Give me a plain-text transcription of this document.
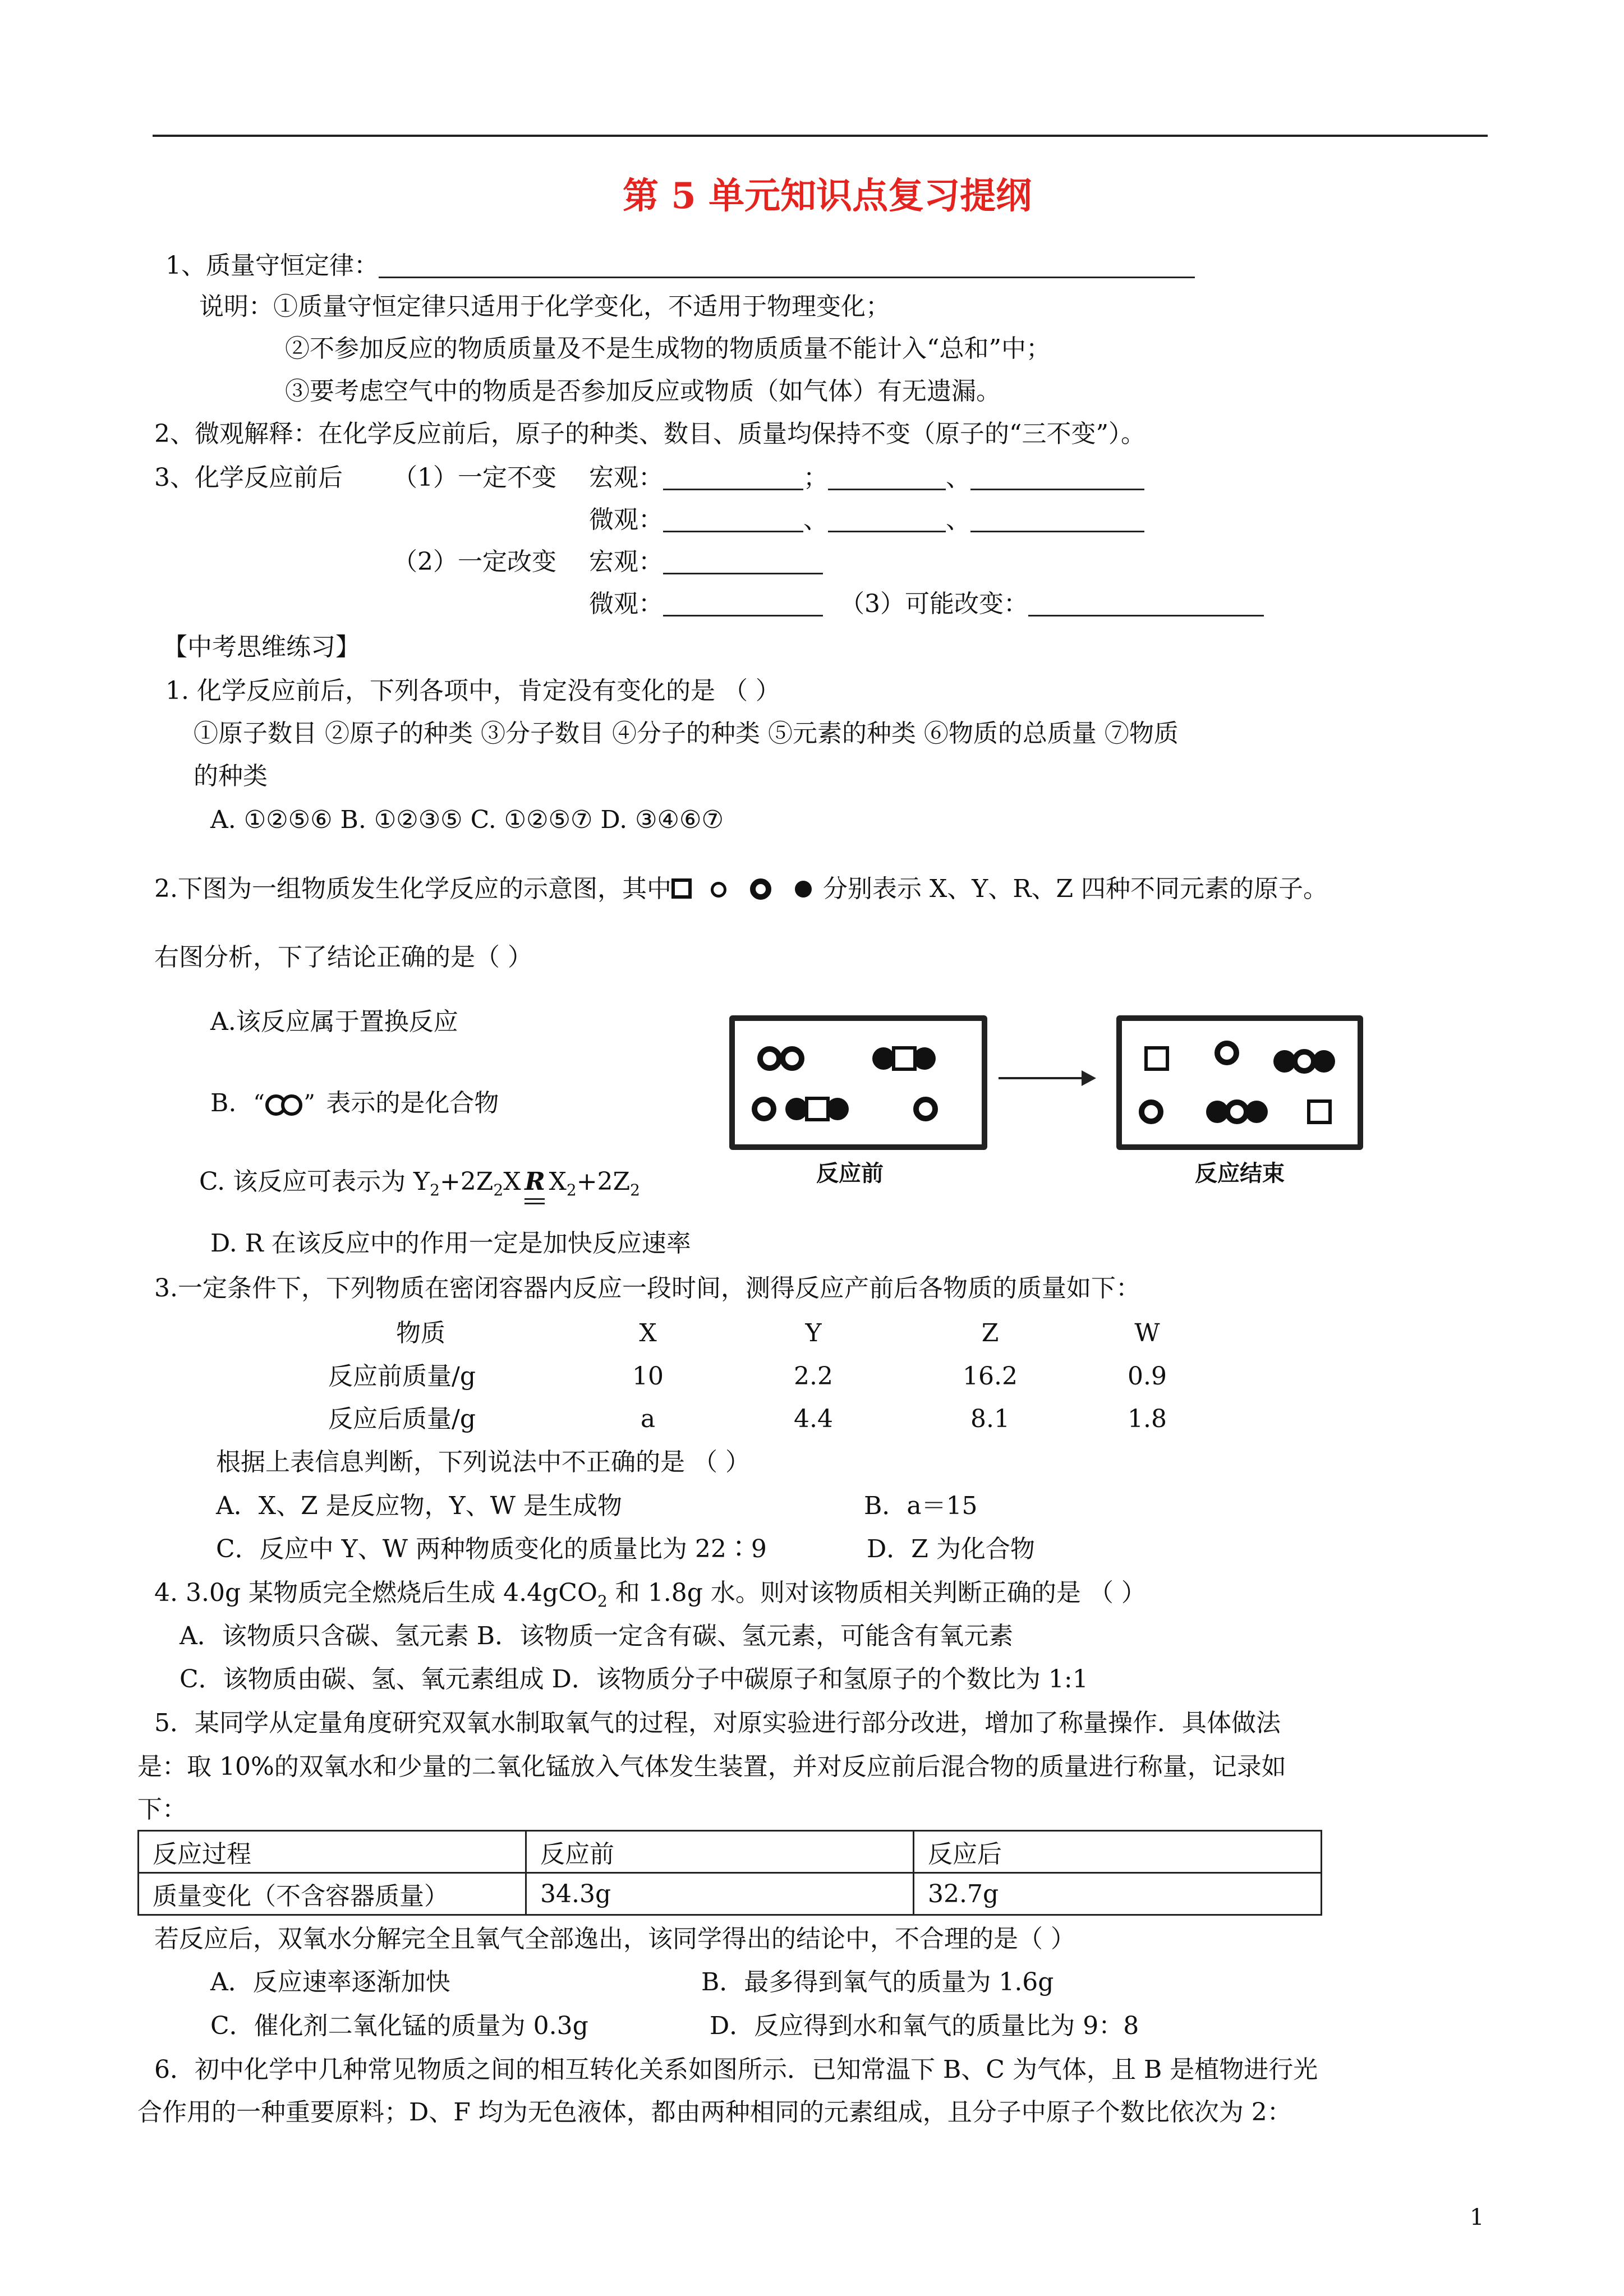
第 5 单元知识点复习提纲
1、质量守恒定律：
说明：①质量守恒定律只适用于化学变化，不适用于物理变化；
②不参加反应的物质质量及不是生成物的物质质量不能计入“总和”中；
③要考虑空气中的物质是否参加反应或物质（如气体）有无遗漏。
2、微观解释：在化学反应前后，原子的种类、数目、质量均保持不变（原子的“三不变”）。
3、化学反应前后 （1）一定不变 宏观：	；	、
微观：	、	、
（2）一定改变 宏观：
微观：	（3）可能改变：
【中考思维练习】
1. 化学反应前后，下列各项中，肯定没有变化的是 （ ）
①原子数目 ②原子的种类 ③分子数目 ④分子的种类 ⑤元素的种类 ⑥物质的总质量 ⑦物质
的种类
A. ①②⑤⑥ B. ①②③⑤ C. ①②⑤⑦ D. ③④⑥⑦
2.下图为一组物质发生化学反应的示意图，其中	分别表示 X、Y、R、Z 四种不同元素的原子。
右图分析，下了结论正确的是（ ）
A.该反应属于置换反应
B. “ ” 表示的是化合物
C. 该反应可表示为 $Y_2+2Z_2X$ R $X_2+2Z_2$
D. R 在该反应中的作用一定是加快反应速率
反应前	反应结束
3.一定条件下，下列物质在密闭容器内反应一段时间，测得反应产前后各物质的质量如下：
物质	X	Y	Z	W
反应前质量/g	10	2.2	16.2	0.9
反应后质量/g	a	4.4	8.1	1.8
根据上表信息判断，下列说法中不正确的是 （ ）
A．X、Z 是反应物，Y、W 是生成物	B．a＝15
C．反应中 Y、W 两种物质变化的质量比为 22∶9	D．Z 为化合物
4. 3.0g 某物质完全燃烧后生成 4.4gCO$_2$ 和 1.8g 水。则对该物质相关判断正确的是 （ ）
A．该物质只含碳、氢元素 B．该物质一定含有碳、氢元素，可能含有氧元素
C．该物质由碳、氢、氧元素组成 D．该物质分子中碳原子和氢原子的个数比为 1:1
5．某同学从定量角度研究双氧水制取氧气的过程，对原实验进行部分改进，增加了称量操作．具体做法
是：取 10%的双氧水和少量的二氧化锰放入气体发生装置，并对反应前后混合物的质量进行称量，记录如
下：
反应过程	反应前	反应后
质量变化（不含容器质量）	34.3g	32.7g
若反应后，双氧水分解完全且氧气全部逸出，该同学得出的结论中，不合理的是（ ）
A．反应速率逐渐加快	B．最多得到氧气的质量为 1.6g
C．催化剂二氧化锰的质量为 0.3g	D．反应得到水和氧气的质量比为 9：8
6．初中化学中几种常见物质之间的相互转化关系如图所示．已知常温下 B、C 为气体，且 B 是植物进行光
合作用的一种重要原料；D、F 均为无色液体，都由两种相同的元素组成，且分子中原子个数比依次为 2：
1
